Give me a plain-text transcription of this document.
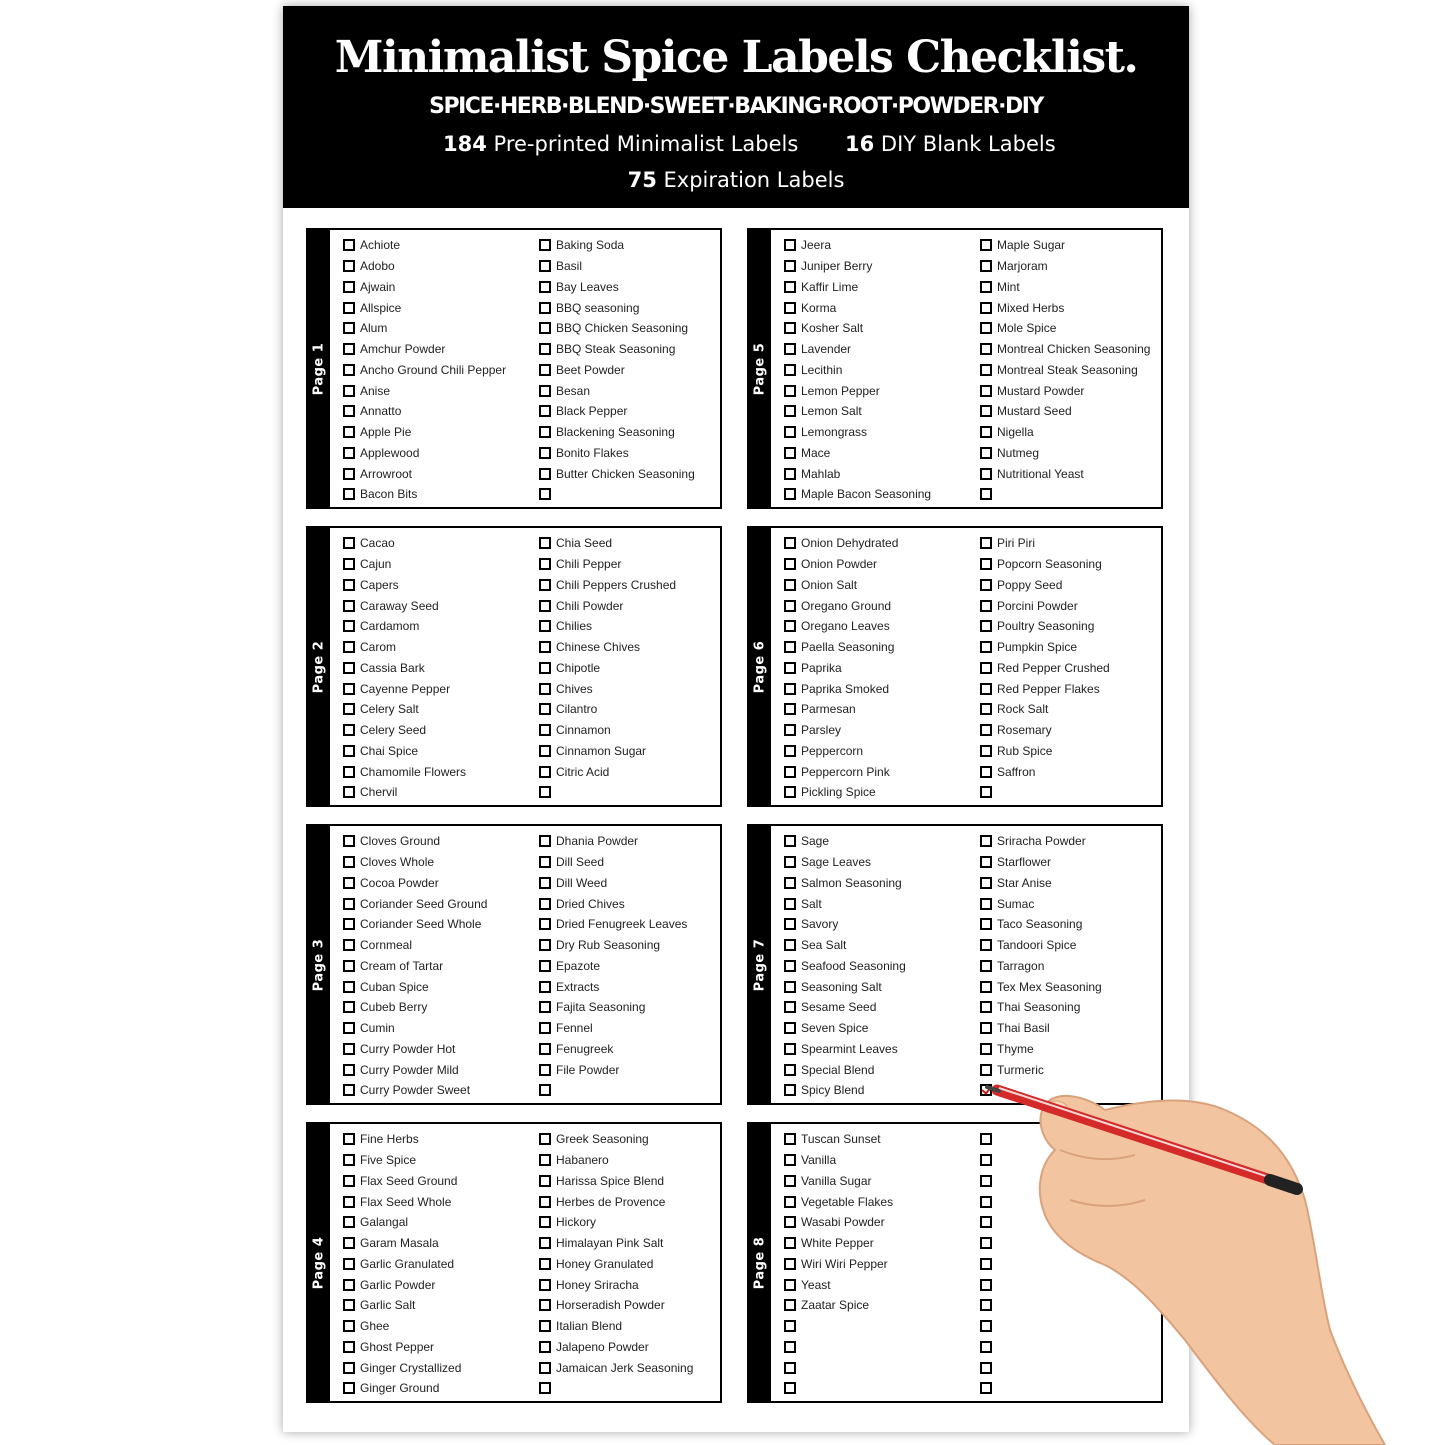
Minimalist Spice Labels Checklist.
SPICE·HERB·BLEND·SWEET·BAKING·ROOT·POWDER·DIY
184 Pre-printed Minimalist Labels 16 DIY Blank Labels
75 Expiration Labels
Page 1
Achiote
Adobo
Ajwain
Allspice
Alum
Amchur Powder
Ancho Ground Chili Pepper
Anise
Annatto
Apple Pie
Applewood
Arrowroot
Bacon Bits
Baking Soda
Basil
Bay Leaves
BBQ seasoning
BBQ Chicken Seasoning
BBQ Steak Seasoning
Beet Powder
Besan
Black Pepper
Blackening Seasoning
Bonito Flakes
Butter Chicken Seasoning
Page 5
Jeera
Juniper Berry
Kaffir Lime
Korma
Kosher Salt
Lavender
Lecithin
Lemon Pepper
Lemon Salt
Lemongrass
Mace
Mahlab
Maple Bacon Seasoning
Maple Sugar
Marjoram
Mint
Mixed Herbs
Mole Spice
Montreal Chicken Seasoning
Montreal Steak Seasoning
Mustard Powder
Mustard Seed
Nigella
Nutmeg
Nutritional Yeast
Page 2
Cacao
Cajun
Capers
Caraway Seed
Cardamom
Carom
Cassia Bark
Cayenne Pepper
Celery Salt
Celery Seed
Chai Spice
Chamomile Flowers
Chervil
Chia Seed
Chili Pepper
Chili Peppers Crushed
Chili Powder
Chilies
Chinese Chives
Chipotle
Chives
Cilantro
Cinnamon
Cinnamon Sugar
Citric Acid
Page 6
Onion Dehydrated
Onion Powder
Onion Salt
Oregano Ground
Oregano Leaves
Paella Seasoning
Paprika
Paprika Smoked
Parmesan
Parsley
Peppercorn
Peppercorn Pink
Pickling Spice
Piri Piri
Popcorn Seasoning
Poppy Seed
Porcini Powder
Poultry Seasoning
Pumpkin Spice
Red Pepper Crushed
Red Pepper Flakes
Rock Salt
Rosemary
Rub Spice
Saffron
Page 3
Cloves Ground
Cloves Whole
Cocoa Powder
Coriander Seed Ground
Coriander Seed Whole
Cornmeal
Cream of Tartar
Cuban Spice
Cubeb Berry
Cumin
Curry Powder Hot
Curry Powder Mild
Curry Powder Sweet
Dhania Powder
Dill Seed
Dill Weed
Dried Chives
Dried Fenugreek Leaves
Dry Rub Seasoning
Epazote
Extracts
Fajita Seasoning
Fennel
Fenugreek
File Powder
Page 7
Sage
Sage Leaves
Salmon Seasoning
Salt
Savory
Sea Salt
Seafood Seasoning
Seasoning Salt
Sesame Seed
Seven Spice
Spearmint Leaves
Special Blend
Spicy Blend
Sriracha Powder
Starflower
Star Anise
Sumac
Taco Seasoning
Tandoori Spice
Tarragon
Tex Mex Seasoning
Thai Seasoning
Thai Basil
Thyme
Turmeric
Page 4
Fine Herbs
Five Spice
Flax Seed Ground
Flax Seed Whole
Galangal
Garam Masala
Garlic Granulated
Garlic Powder
Garlic Salt
Ghee
Ghost Pepper
Ginger Crystallized
Ginger Ground
Greek Seasoning
Habanero
Harissa Spice Blend
Herbes de Provence
Hickory
Himalayan Pink Salt
Honey Granulated
Honey Sriracha
Horseradish Powder
Italian Blend
Jalapeno Powder
Jamaican Jerk Seasoning
Page 8
Tuscan Sunset
Vanilla
Vanilla Sugar
Vegetable Flakes
Wasabi Powder
White Pepper
Wiri Wiri Pepper
Yeast
Zaatar Spice
